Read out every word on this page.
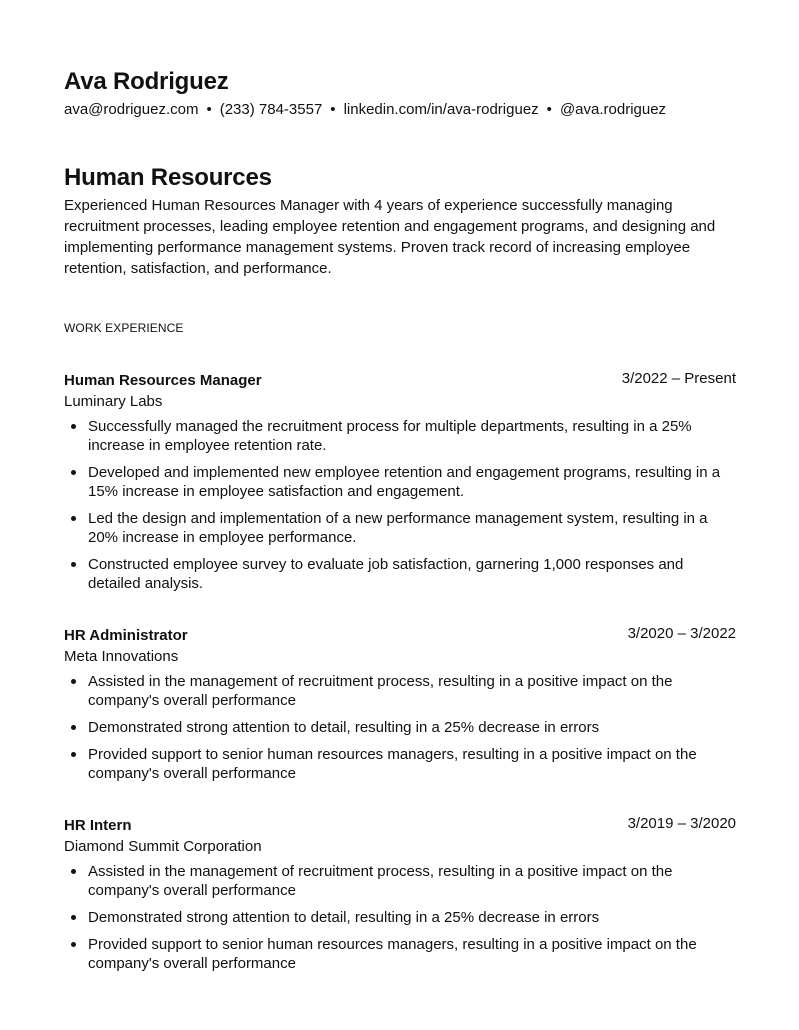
Ava Rodriguez
ava@rodriguez.com • (233) 784-3557 • linkedin.com/in/ava-rodriguez • @ava.rodriguez
Human Resources

Experienced Human Resources Manager with 4 years of experience successfully managing recruitment processes, leading employee retention and engagement programs, and designing and implementing performance management systems. Proven track record of increasing employee retention, satisfaction, and performance.

WORK EXPERIENCE
Human Resources Manager	3/2022 – Present
Luminary Labs
Successfully managed the recruitment process for multiple departments, resulting in a 25% increase in employee retention rate.
Developed and implemented new employee retention and engagement programs, resulting in a 15% increase in employee satisfaction and engagement.
Led the design and implementation of a new performance management system, resulting in a 20% increase in employee performance.
Constructed employee survey to evaluate job satisfaction, garnering 1,000 responses and detailed analysis.
HR Administrator	3/2020 – 3/2022
Meta Innovations
Assisted in the management of recruitment process, resulting in a positive impact on the company's overall performance
Demonstrated strong attention to detail, resulting in a 25% decrease in errors
Provided support to senior human resources managers, resulting in a positive impact on the company's overall performance
HR Intern	3/2019 – 3/2020
Diamond Summit Corporation
Assisted in the management of recruitment process, resulting in a positive impact on the company's overall performance
Demonstrated strong attention to detail, resulting in a 25% decrease in errors
Provided support to senior human resources managers, resulting in a positive impact on the company's overall performance
